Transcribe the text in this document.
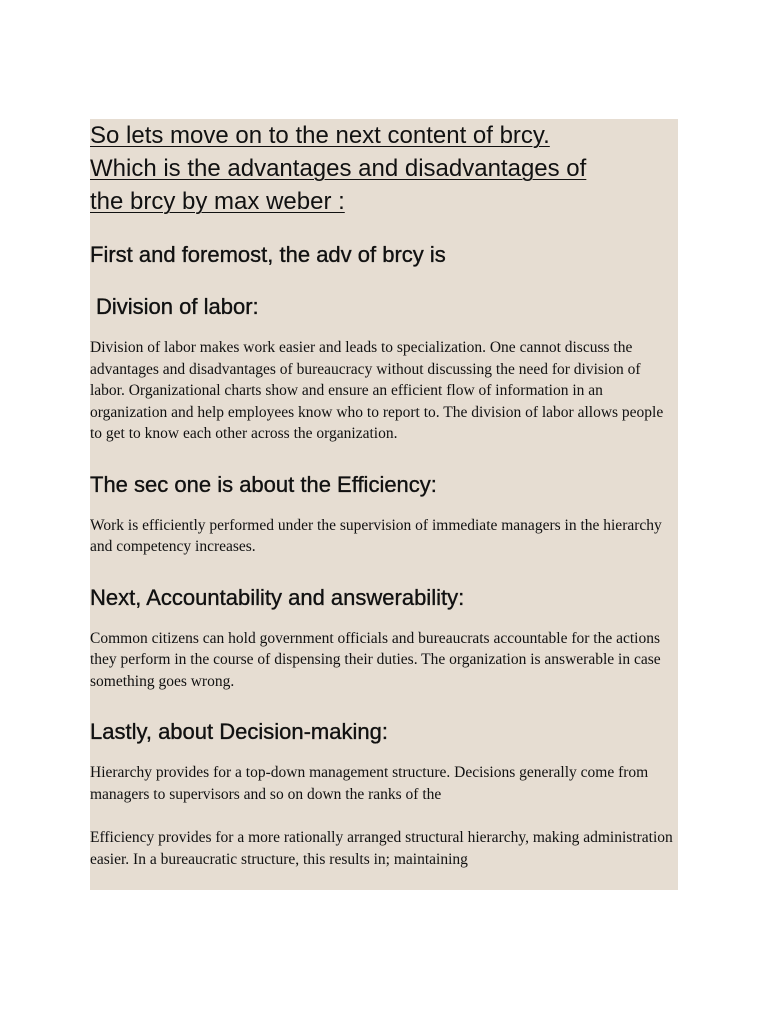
So lets move on to the next content of brcy.
Which is the advantages and disadvantages of
the brcy by max weber :

First and foremost, the adv of brcy is
Division of labor:

Division of labor makes work easier and leads to specialization. One cannot discuss the advantages and disadvantages of bureaucracy without discussing the need for division of labor. Organizational charts show and ensure an efficient flow of information in an organization and help employees know who to report to. The division of labor allows people to get to know each other across the organization.

The sec one is about the Efficiency:

Work is efficiently performed under the supervision of immediate managers in the hierarchy and competency increases.

Next, Accountability and answerability:

Common citizens can hold government officials and bureaucrats accountable for the actions they perform in the course of dispensing their duties. The organization is answerable in case something goes wrong.

Lastly, about Decision-making:

Hierarchy provides for a top-down management structure. Decisions generally come from managers to supervisors and so on down the ranks of the

Efficiency provides for a more rationally arranged structural hierarchy, making administration easier. In a bureaucratic structure, this results in; maintaining
